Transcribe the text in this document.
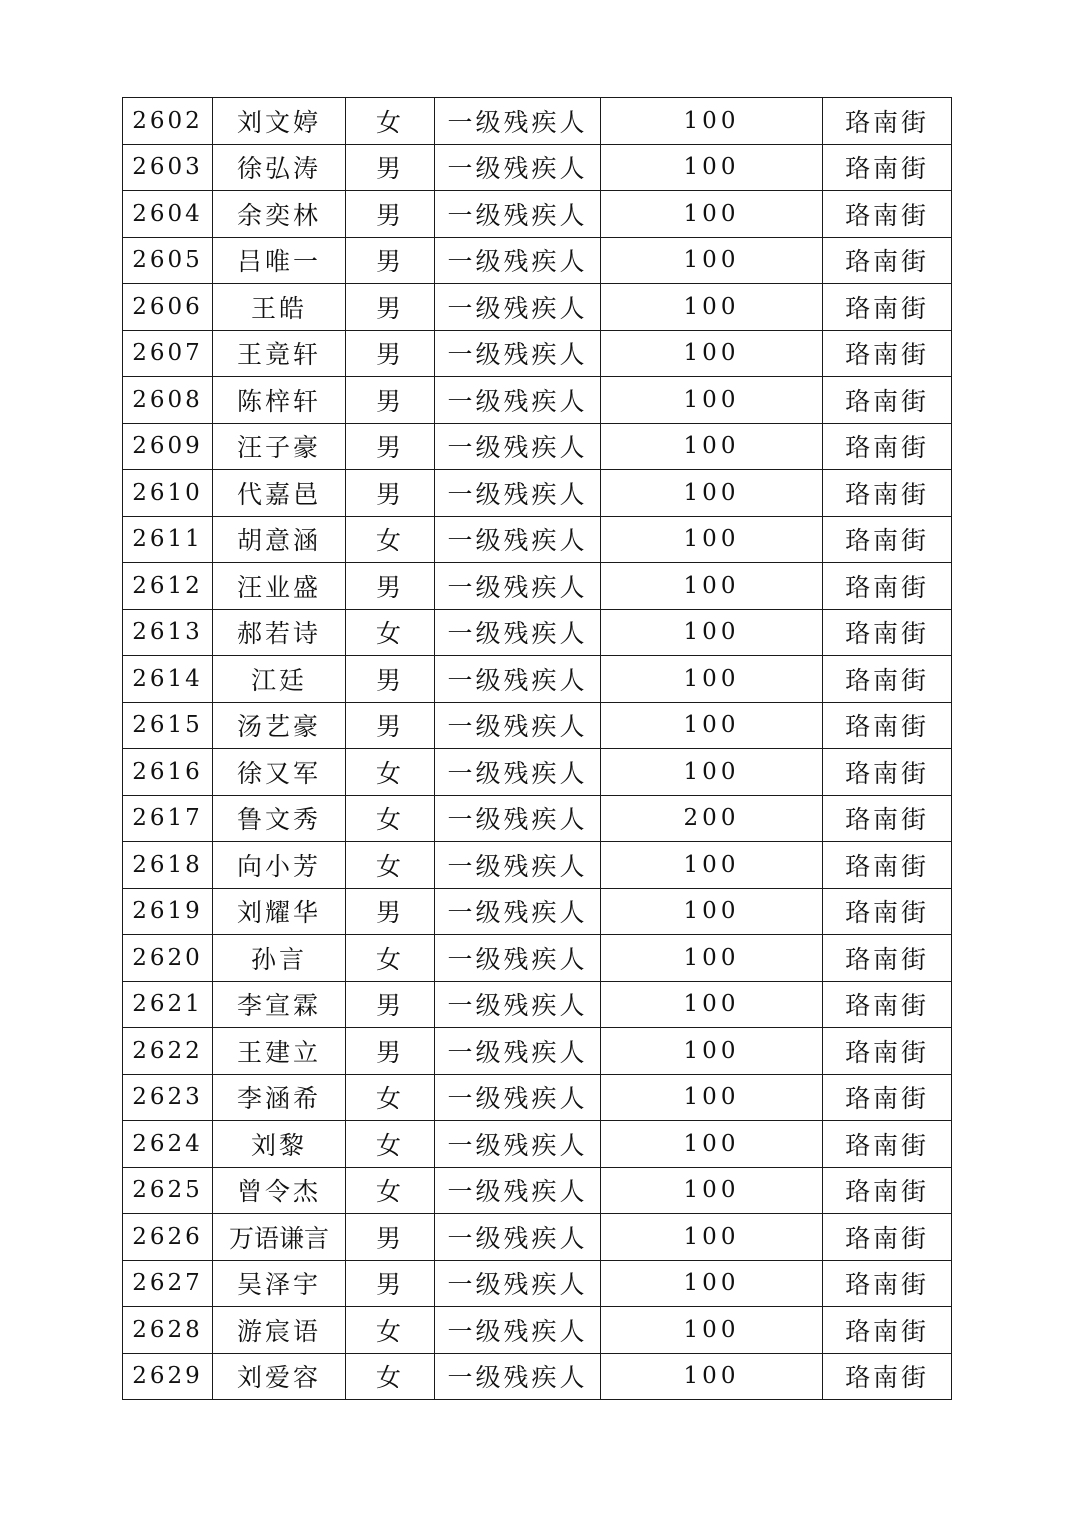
2602	刘文婷	女	一级残疾人	100	珞南街
2603	徐弘涛	男	一级残疾人	100	珞南街
2604	余奕林	男	一级残疾人	100	珞南街
2605	吕唯一	男	一级残疾人	100	珞南街
2606	王皓	男	一级残疾人	100	珞南街
2607	王竟轩	男	一级残疾人	100	珞南街
2608	陈梓轩	男	一级残疾人	100	珞南街
2609	汪子豪	男	一级残疾人	100	珞南街
2610	代嘉邑	男	一级残疾人	100	珞南街
2611	胡意涵	女	一级残疾人	100	珞南街
2612	汪业盛	男	一级残疾人	100	珞南街
2613	郝若诗	女	一级残疾人	100	珞南街
2614	江廷	男	一级残疾人	100	珞南街
2615	汤艺豪	男	一级残疾人	100	珞南街
2616	徐又军	女	一级残疾人	100	珞南街
2617	鲁文秀	女	一级残疾人	200	珞南街
2618	向小芳	女	一级残疾人	100	珞南街
2619	刘耀华	男	一级残疾人	100	珞南街
2620	孙言	女	一级残疾人	100	珞南街
2621	李宣霖	男	一级残疾人	100	珞南街
2622	王建立	男	一级残疾人	100	珞南街
2623	李涵希	女	一级残疾人	100	珞南街
2624	刘黎	女	一级残疾人	100	珞南街
2625	曾令杰	女	一级残疾人	100	珞南街
2626	万语谦言	男	一级残疾人	100	珞南街
2627	吴泽宇	男	一级残疾人	100	珞南街
2628	游宸语	女	一级残疾人	100	珞南街
2629	刘爱容	女	一级残疾人	100	珞南街
